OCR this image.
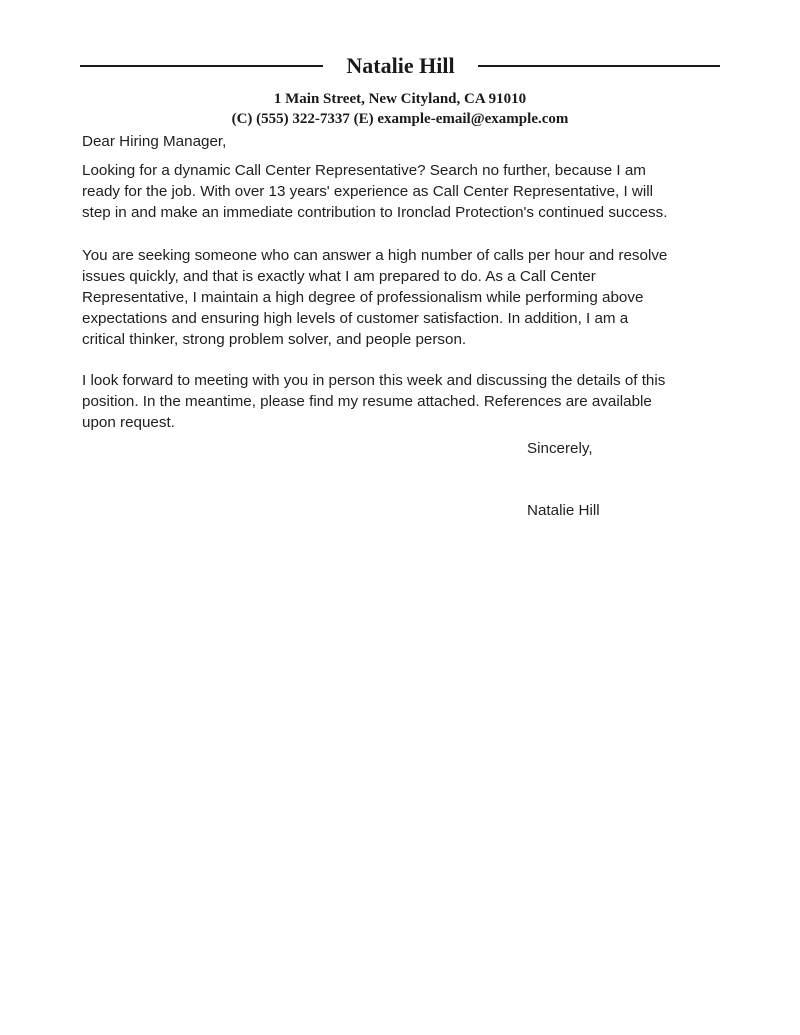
Natalie Hill
1 Main Street, New Cityland, CA 91010
(C) (555) 322-7337 (E) example-email@example.com
Dear Hiring Manager,

Looking for a dynamic Call Center Representative? Search no further, because I am
ready for the job. With over 13 years' experience as Call Center Representative, I will
step in and make an immediate contribution to Ironclad Protection's continued success.

You are seeking someone who can answer a high number of calls per hour and resolve
issues quickly, and that is exactly what I am prepared to do. As a Call Center
Representative, I maintain a high degree of professionalism while performing above
expectations and ensuring high levels of customer satisfaction. In addition, I am a
critical thinker, strong problem solver, and people person.

I look forward to meeting with you in person this week and discussing the details of this
position. In the meantime, please find my resume attached. References are available
upon request.

Sincerely,
Natalie Hill
